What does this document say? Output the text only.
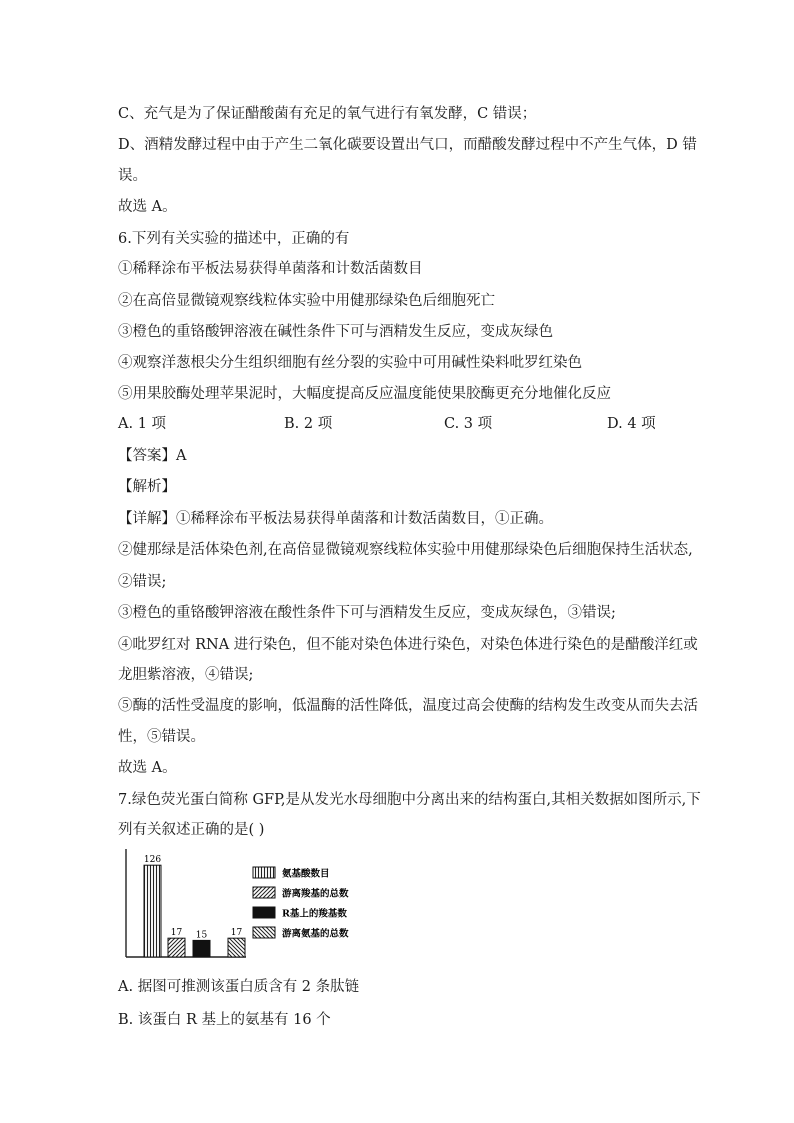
C、充气是为了保证醋酸菌有充足的氧气进行有氧发酵，C 错误；
D、酒精发酵过程中由于产生二氧化碳要设置出气口，而醋酸发酵过程中不产生气体，D 错
误。
故选 A。
6.下列有关实验的描述中，正确的有
①稀释涂布平板法易获得单菌落和计数活菌数目
②在高倍显微镜观察线粒体实验中用健那绿染色后细胞死亡
③橙色的重铬酸钾溶液在碱性条件下可与酒精发生反应，变成灰绿色
④观察洋葱根尖分生组织细胞有丝分裂的实验中可用碱性染料吡罗红染色
⑤用果胶酶处理苹果泥时，大幅度提高反应温度能使果胶酶更充分地催化反应
A. 1 项	B. 2 项	C. 3 项	D. 4 项
【答案】A
【解析】
【详解】①稀释涂布平板法易获得单菌落和计数活菌数目，①正确。
②健那绿是活体染色剂,在高倍显微镜观察线粒体实验中用健那绿染色后细胞保持生活状态,
②错误;
③橙色的重铬酸钾溶液在酸性条件下可与酒精发生反应，变成灰绿色，③错误;
④吡罗红对 RNA 进行染色，但不能对染色体进行染色，对染色体进行染色的是醋酸洋红或
龙胆紫溶液，④错误;
⑤酶的活性受温度的影响，低温酶的活性降低，温度过高会使酶的结构发生改变从而失去活
性，⑤错误。
故选 A。
7.绿色荧光蛋白简称 GFP,是从发光水母细胞中分离出来的结构蛋白,其相关数据如图所示,下
列有关叙述正确的是( )
126
17 15	17
氨基酸数目
游离羧基的总数
R基上的羧基数
游离氨基的总数
A. 据图可推测该蛋白质含有 2 条肽链
B. 该蛋白 R 基上的氨基有 16 个
